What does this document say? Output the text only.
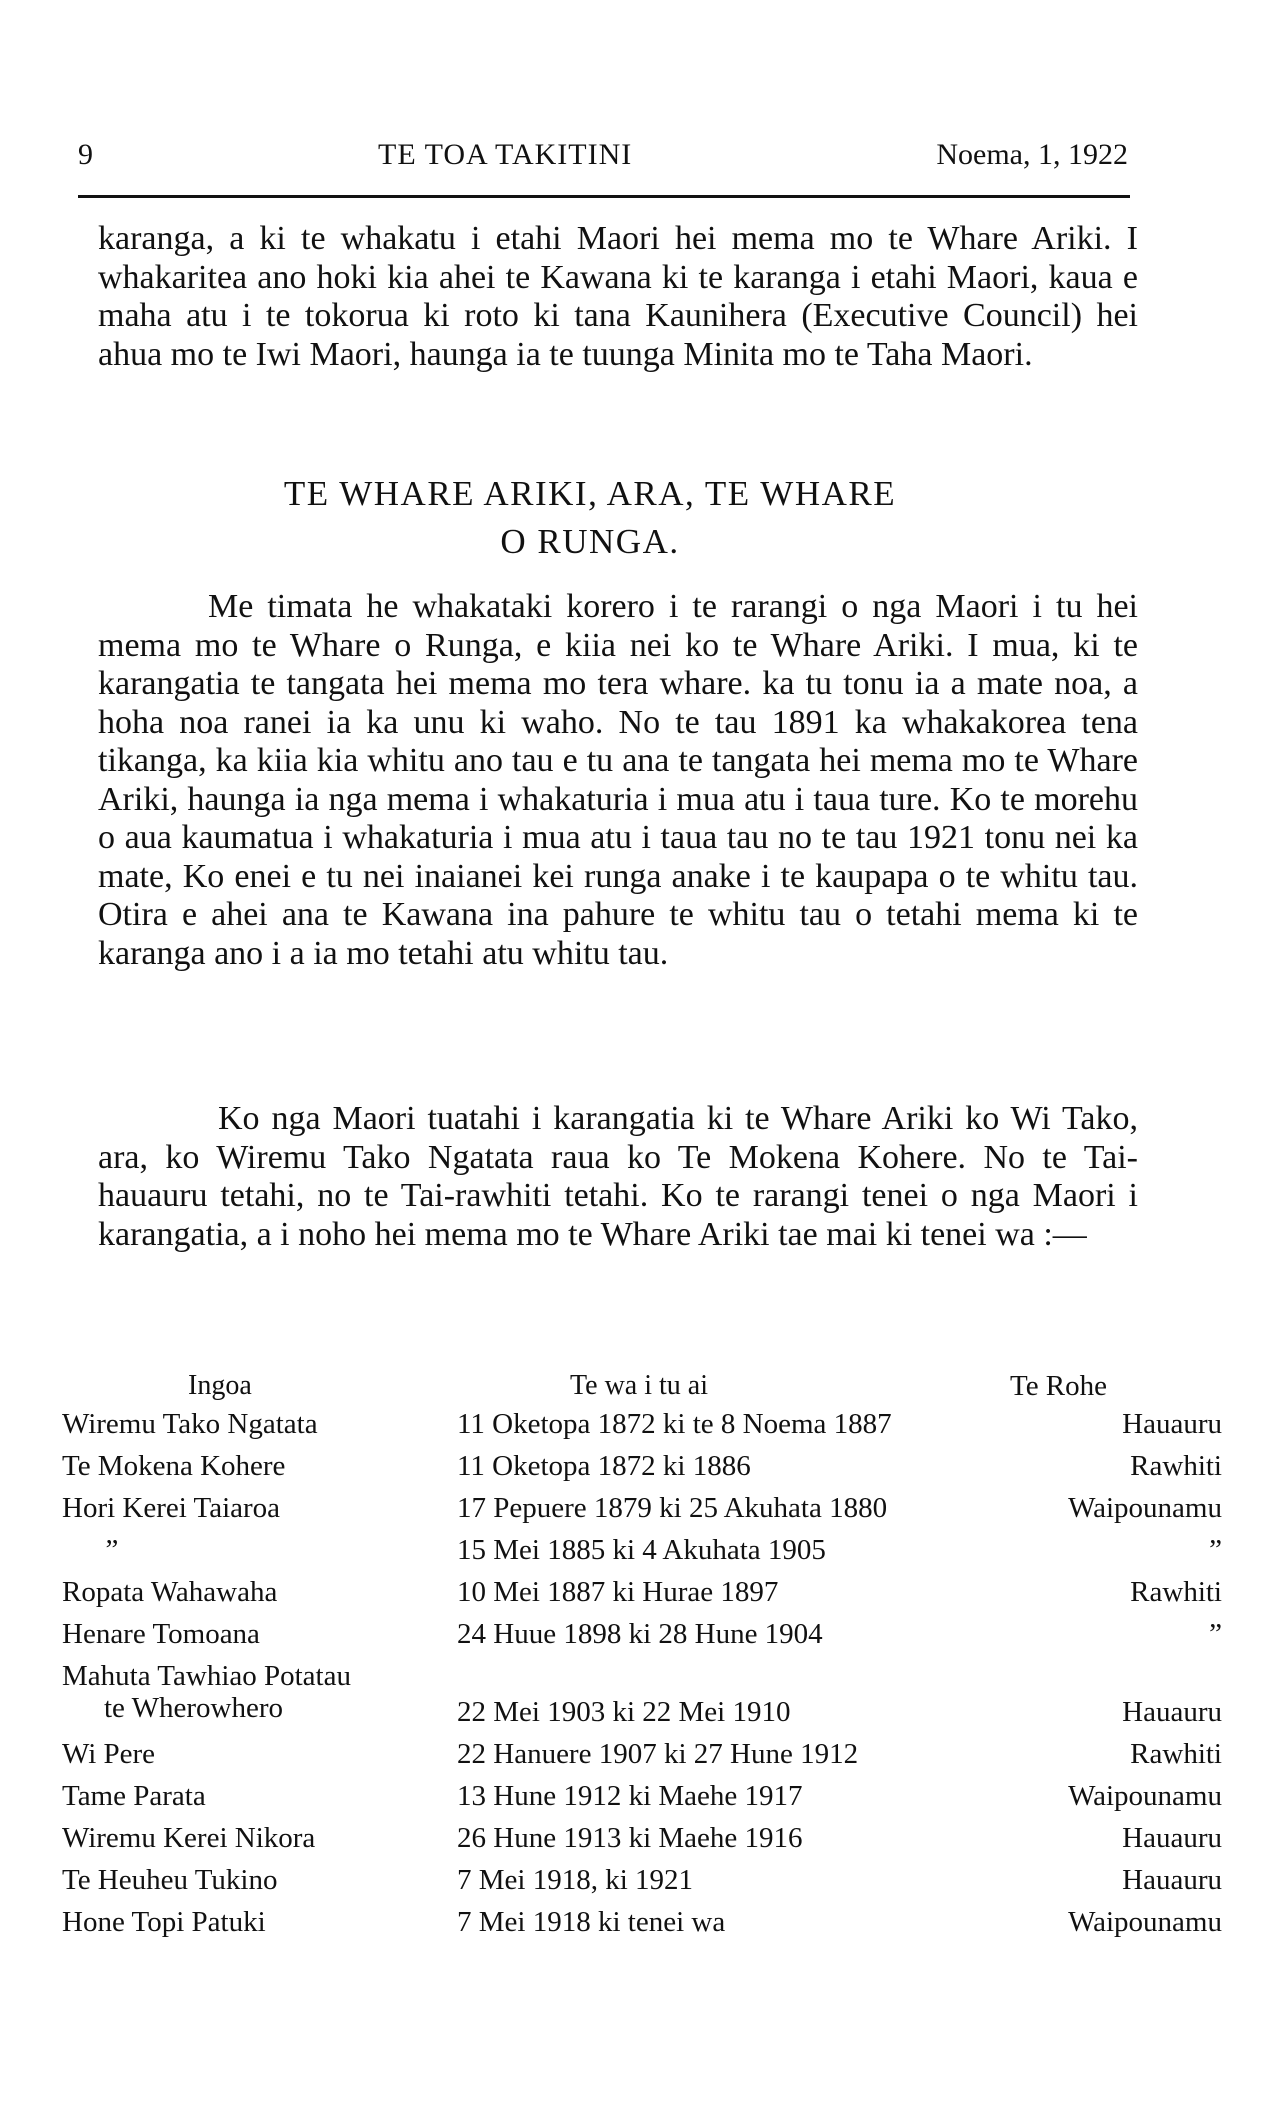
9	TE TOA TAKITINI	Noema, 1, 1922
karanga, a ki te whakatu i etahi Maori hei mema mo te Whare Ariki. I whakaritea ano hoki kia ahei te Kawana ki te karanga i etahi Maori, kaua e maha atu i te tokorua ki roto ki tana Kaunihera (Executive Council) hei ahua mo te Iwi Maori, haunga ia te tuunga Minita mo te Taha Maori.
TE WHARE ARIKI, ARA, TE WHARE
O RUNGA.
Me timata he whakataki korero i te rarangi o nga Maori i tu hei mema mo te Whare o Runga, e kiia nei ko te Whare Ariki. I mua, ki te karangatia te tangata hei mema mo tera whare. ka tu tonu ia a mate noa, a hoha noa ranei ia ka unu ki waho. No te tau 1891 ka whakakorea tena tikanga, ka kiia kia whitu ano tau e tu ana te tangata hei mema mo te Whare Ariki, haunga ia nga mema i whakaturia i mua atu i taua ture. Ko te morehu o aua kaumatua i whakaturia i mua atu i taua tau no te tau 1921 tonu nei ka mate, Ko enei e tu nei inaianei kei runga anake i te kaupapa o te whitu tau. Otira e ahei ana te Kawana ina pahure te whitu tau o tetahi mema ki te karanga ano i a ia mo tetahi atu whitu tau.
Ko nga Maori tuatahi i karangatia ki te Whare Ariki ko Wi Tako, ara, ko Wiremu Tako Ngatata raua ko Te Mokena Kohere. No te Tai-hauauru tetahi, no te Tai-rawhiti tetahi. Ko te rarangi tenei o nga Maori i karangatia, a i noho hei mema mo te Whare Ariki tae mai ki tenei wa :—
Ingoa	Te wa i tu ai	Te Rohe
Wiremu Tako Ngatata	11 Oketopa 1872 ki te 8 Noema 1887	Hauauru
Te Mokena Kohere	11 Oketopa 1872 ki 1886	Rawhiti
Hori Kerei Taiaroa	17 Pepuere 1879 ki 25 Akuhata 1880	Waipounamu
”	15 Mei 1885 ki 4 Akuhata 1905	”
Ropata Wahawaha	10 Mei 1887 ki Hurae 1897	Rawhiti
Henare Tomoana	24 Huue 1898 ki 28 Hune 1904	”
Mahuta Tawhiao Potatau
te Wherowhero	22 Mei 1903 ki 22 Mei 1910	Hauauru
Wi Pere	22 Hanuere 1907 ki 27 Hune 1912	Rawhiti
Tame Parata	13 Hune 1912 ki Maehe 1917	Waipounamu
Wiremu Kerei Nikora	26 Hune 1913 ki Maehe 1916	Hauauru
Te Heuheu Tukino	7 Mei 1918, ki 1921	Hauauru
Hone Topi Patuki	7 Mei 1918 ki tenei wa	Waipounamu
